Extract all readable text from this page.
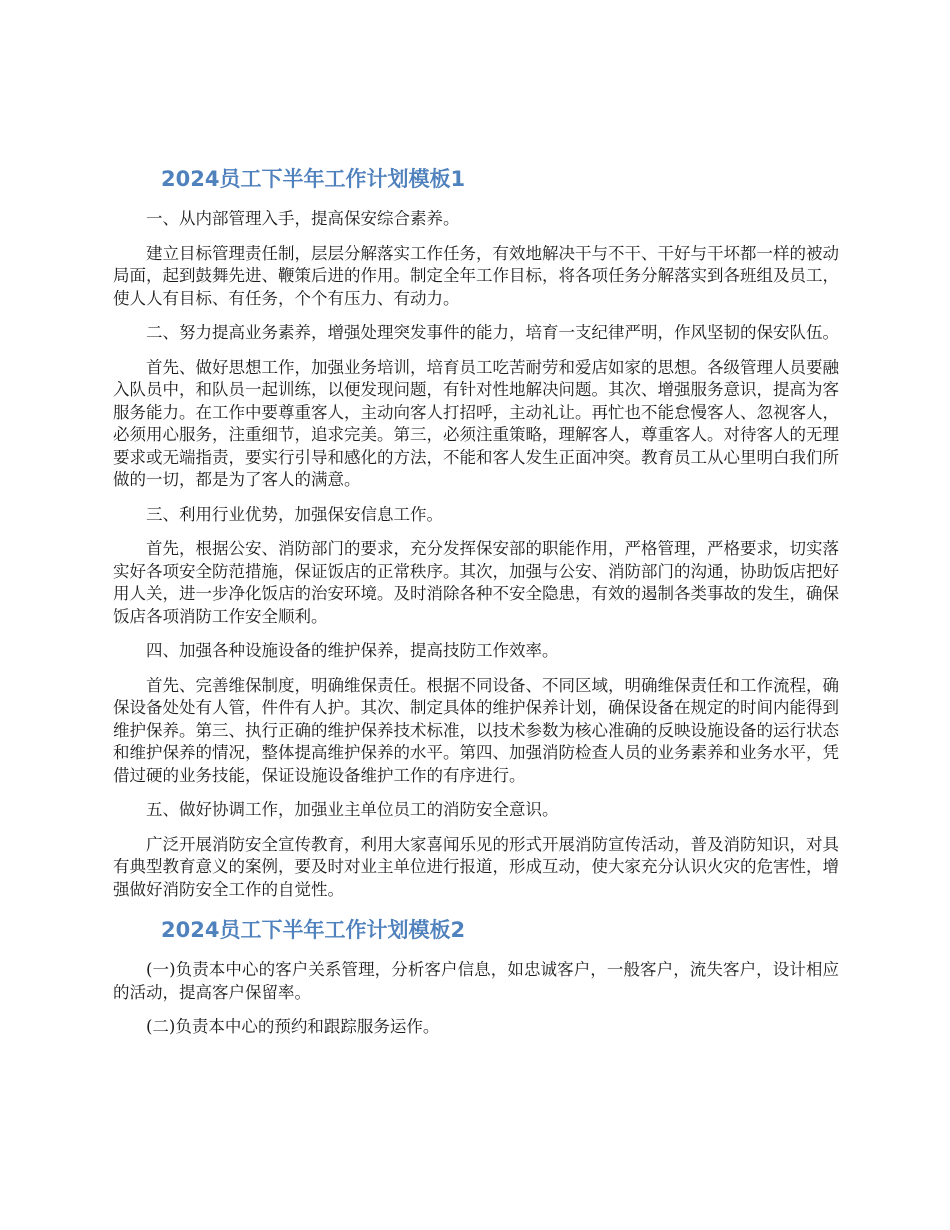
2024员工下半年工作计划模板1

一、从内部管理入手，提高保安综合素养。

建立目标管理责任制，层层分解落实工作任务，有效地解决干与不干、干好与干坏都一样的被动局面，起到鼓舞先进、鞭策后进的作用。制定全年工作目标，将各项任务分解落实到各班组及员工，使人人有目标、有任务，个个有压力、有动力。

二、努力提高业务素养，增强处理突发事件的能力，培育一支纪律严明，作风坚韧的保安队伍。

首先、做好思想工作，加强业务培训，培育员工吃苦耐劳和爱店如家的思想。各级管理人员要融入队员中，和队员一起训练，以便发现问题，有针对性地解决问题。其次、增强服务意识，提高为客服务能力。在工作中要尊重客人，主动向客人打招呼，主动礼让。再忙也不能怠慢客人、忽视客人，必须用心服务，注重细节，追求完美。第三，必须注重策略，理解客人，尊重客人。对待客人的无理要求或无端指责，要实行引导和感化的方法，不能和客人发生正面冲突。教育员工从心里明白我们所做的一切，都是为了客人的满意。

三、利用行业优势，加强保安信息工作。

首先，根据公安、消防部门的要求，充分发挥保安部的职能作用，严格管理，严格要求，切实落实好各项安全防范措施，保证饭店的正常秩序。其次，加强与公安、消防部门的沟通，协助饭店把好用人关，进一步净化饭店的治安环境。及时消除各种不安全隐患，有效的遏制各类事故的发生，确保饭店各项消防工作安全顺利。

四、加强各种设施设备的维护保养，提高技防工作效率。

首先、完善维保制度，明确维保责任。根据不同设备、不同区域，明确维保责任和工作流程，确保设备处处有人管，件件有人护。其次、制定具体的维护保养计划，确保设备在规定的时间内能得到维护保养。第三、执行正确的维护保养技术标准，以技术参数为核心准确的反映设施设备的运行状态和维护保养的情况，整体提高维护保养的水平。第四、加强消防检查人员的业务素养和业务水平，凭借过硬的业务技能，保证设施设备维护工作的有序进行。

五、做好协调工作，加强业主单位员工的消防安全意识。

广泛开展消防安全宣传教育，利用大家喜闻乐见的形式开展消防宣传活动，普及消防知识，对具有典型教育意义的案例，要及时对业主单位进行报道，形成互动，使大家充分认识火灾的危害性，增强做好消防安全工作的自觉性。

2024员工下半年工作计划模板2

(一)负责本中心的客户关系管理，分析客户信息，如忠诚客户，一般客户，流失客户，设计相应的活动，提高客户保留率。

(二)负责本中心的预约和跟踪服务运作。
